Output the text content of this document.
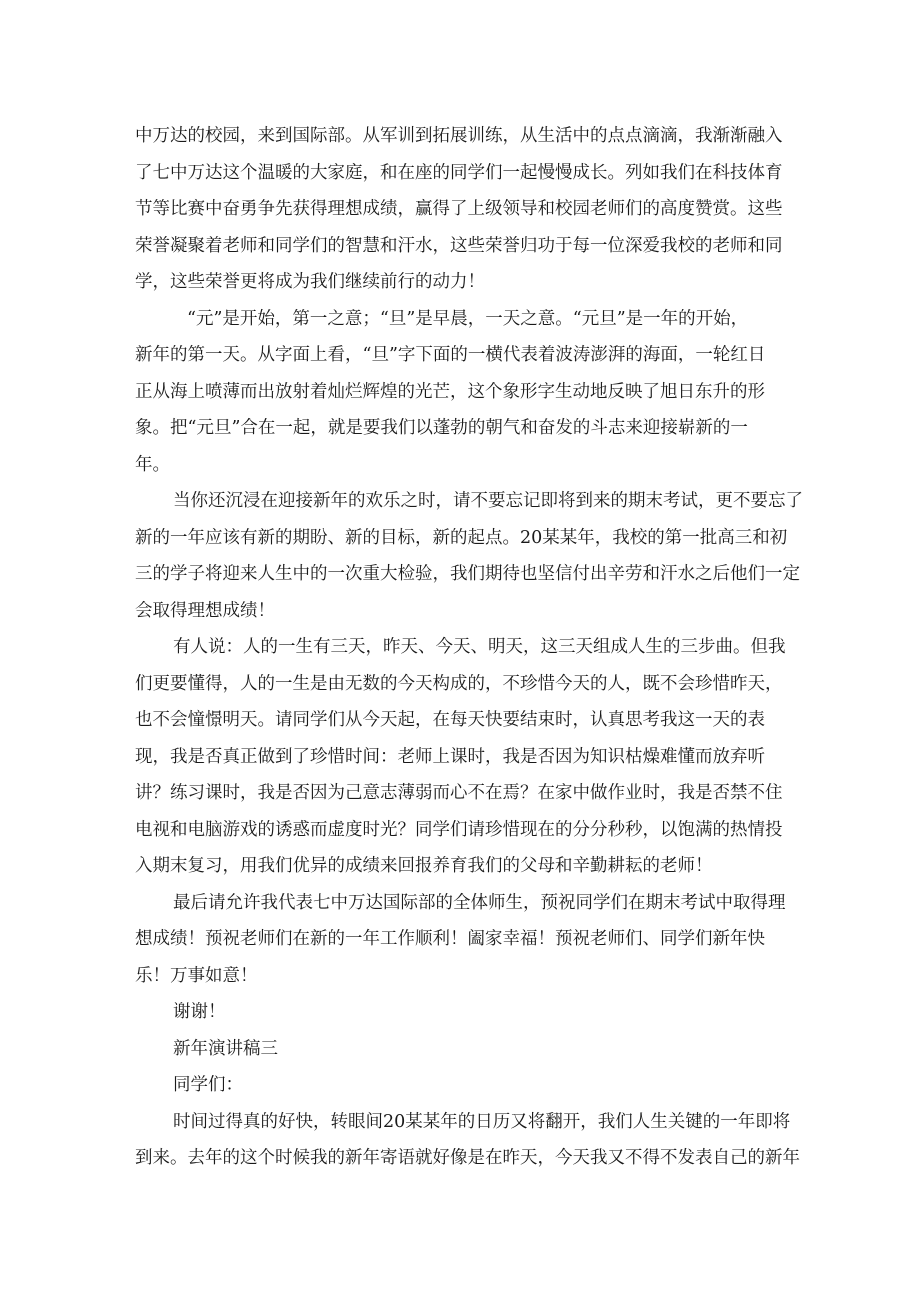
中万达的校园，来到国际部。从军训到拓展训练，从生活中的点点滴滴，我渐渐融入
了七中万达这个温暖的大家庭，和在座的同学们一起慢慢成长。列如我们在科技体育
节等比赛中奋勇争先获得理想成绩，赢得了上级领导和校园老师们的高度赞赏。这些
荣誉凝聚着老师和同学们的智慧和汗水，这些荣誉归功于每一位深爱我校的老师和同
学，这些荣誉更将成为我们继续前行的动力！
“元”是开始，第一之意；“旦”是早晨，一天之意。“元旦”是一年的开始，
新年的第一天。从字面上看，“旦”字下面的一横代表着波涛澎湃的海面，一轮红日
正从海上喷薄而出放射着灿烂辉煌的光芒，这个象形字生动地反映了旭日东升的形
象。把“元旦”合在一起，就是要我们以蓬勃的朝气和奋发的斗志来迎接崭新的一
年。
当你还沉浸在迎接新年的欢乐之时，请不要忘记即将到来的期末考试，更不要忘了
新的一年应该有新的期盼、新的目标，新的起点。20某某年，我校的第一批高三和初
三的学子将迎来人生中的一次重大检验，我们期待也坚信付出辛劳和汗水之后他们一定
会取得理想成绩！
有人说：人的一生有三天，昨天、今天、明天，这三天组成人生的三步曲。但我
们更要懂得，人的一生是由无数的今天构成的，不珍惜今天的人，既不会珍惜昨天，
也不会憧憬明天。请同学们从今天起，在每天快要结束时，认真思考我这一天的表
现，我是否真正做到了珍惜时间：老师上课时，我是否因为知识枯燥难懂而放弃听
讲？练习课时，我是否因为己意志薄弱而心不在焉？在家中做作业时，我是否禁不住
电视和电脑游戏的诱惑而虚度时光？同学们请珍惜现在的分分秒秒，以饱满的热情投
入期末复习，用我们优异的成绩来回报养育我们的父母和辛勤耕耘的老师！
最后请允许我代表七中万达国际部的全体师生，预祝同学们在期末考试中取得理
想成绩！预祝老师们在新的一年工作顺利！阖家幸福！预祝老师们、同学们新年快
乐！万事如意！
谢谢！
新年演讲稿三
同学们：
时间过得真的好快，转眼间20某某年的日历又将翻开，我们人生关键的一年即将
到来。去年的这个时候我的新年寄语就好像是在昨天，今天我又不得不发表自己的新年
